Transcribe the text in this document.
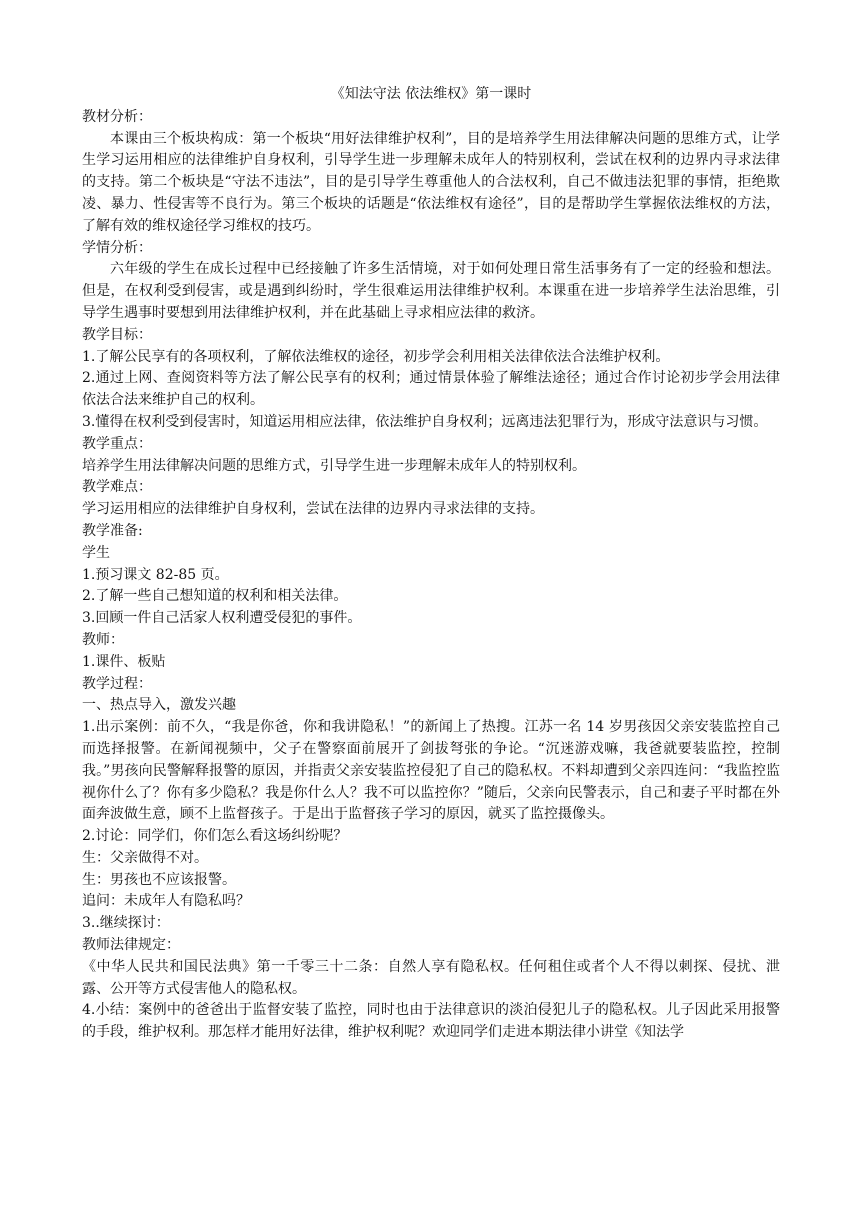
《知法守法 依法维权》第一课时

教材分析：

本课由三个板块构成：第一个板块“用好法律维护权利”，目的是培养学生用法律解决问题的思维方式，让学生学习运用相应的法律维护自身权利，引导学生进一步理解未成年人的特别权利，尝试在权利的边界内寻求法律的支持。第二个板块是“守法不违法”，目的是引导学生尊重他人的合法权利，自己不做违法犯罪的事情，拒绝欺凌、暴力、性侵害等不良行为。第三个板块的话题是“依法维权有途径”，目的是帮助学生掌握依法维权的方法，了解有效的维权途径学习维权的技巧。

学情分析：

六年级的学生在成长过程中已经接触了许多生活情境，对于如何处理日常生活事务有了一定的经验和想法。但是，在权利受到侵害，或是遇到纠纷时，学生很难运用法律维护权利。本课重在进一步培养学生法治思维，引导学生遇事时要想到用法律维护权利，并在此基础上寻求相应法律的救济。

教学目标：

1.了解公民享有的各项权利，了解依法维权的途径，初步学会利用相关法律依法合法维护权利。

2.通过上网、查阅资料等方法了解公民享有的权利；通过情景体验了解维法途径；通过合作讨论初步学会用法律依法合法来维护自己的权利。

3.懂得在权利受到侵害时，知道运用相应法律，依法维护自身权利；远离违法犯罪行为，形成守法意识与习惯。

教学重点：

培养学生用法律解决问题的思维方式，引导学生进一步理解未成年人的特别权利。

教学难点：

学习运用相应的法律维护自身权利，尝试在法律的边界内寻求法律的支持。

教学准备:

学生

1.预习课文 82-85 页。

2.了解一些自己想知道的权利和相关法律。

3.回顾一件自己活家人权利遭受侵犯的事件。

教师：

1.课件、板贴

教学过程：

一、热点导入，激发兴趣

1.出示案例：前不久，“我是你爸，你和我讲隐私！”的新闻上了热搜。江苏一名 14 岁男孩因父亲安装监控自己而选择报警。在新闻视频中，父子在警察面前展开了剑拔弩张的争论。“沉迷游戏嘛，我爸就要装监控，控制我。”男孩向民警解释报警的原因，并指责父亲安装监控侵犯了自己的隐私权。不料却遭到父亲四连问：“我监控监视你什么了？你有多少隐私？我是你什么人？我不可以监控你？”随后，父亲向民警表示，自己和妻子平时都在外面奔波做生意，顾不上监督孩子。于是出于监督孩子学习的原因，就买了监控摄像头。

2.讨论：同学们，你们怎么看这场纠纷呢？

生：父亲做得不对。

生：男孩也不应该报警。

追问：未成年人有隐私吗？

3..继续探讨：

教师法律规定：

《中华人民共和国民法典》第一千零三十二条：自然人享有隐私权。任何租住或者个人不得以刺探、侵扰、泄露、公开等方式侵害他人的隐私权。

4.小结：案例中的爸爸出于监督安装了监控，同时也由于法律意识的淡泊侵犯儿子的隐私权。儿子因此采用报警的手段，维护权利。那怎样才能用好法律，维护权利呢？欢迎同学们走进本期法律小讲堂《知法学
